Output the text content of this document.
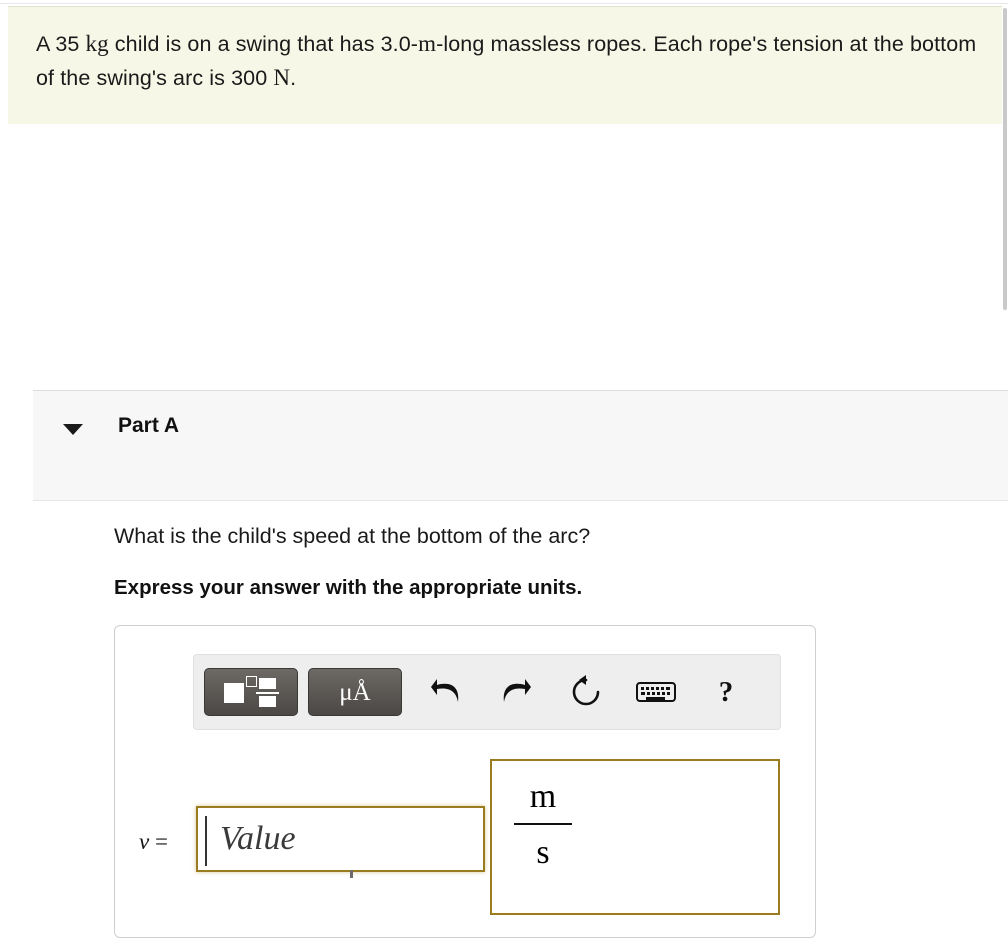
A 35 kg child is on a swing that has 3.0-m-long massless ropes. Each rope's tension at the bottom of the swing's arc is 300 N.
Part A
What is the child's speed at the bottom of the arc?
Express your answer with the appropriate units.
μÅ	?
v =	Value
m
s
